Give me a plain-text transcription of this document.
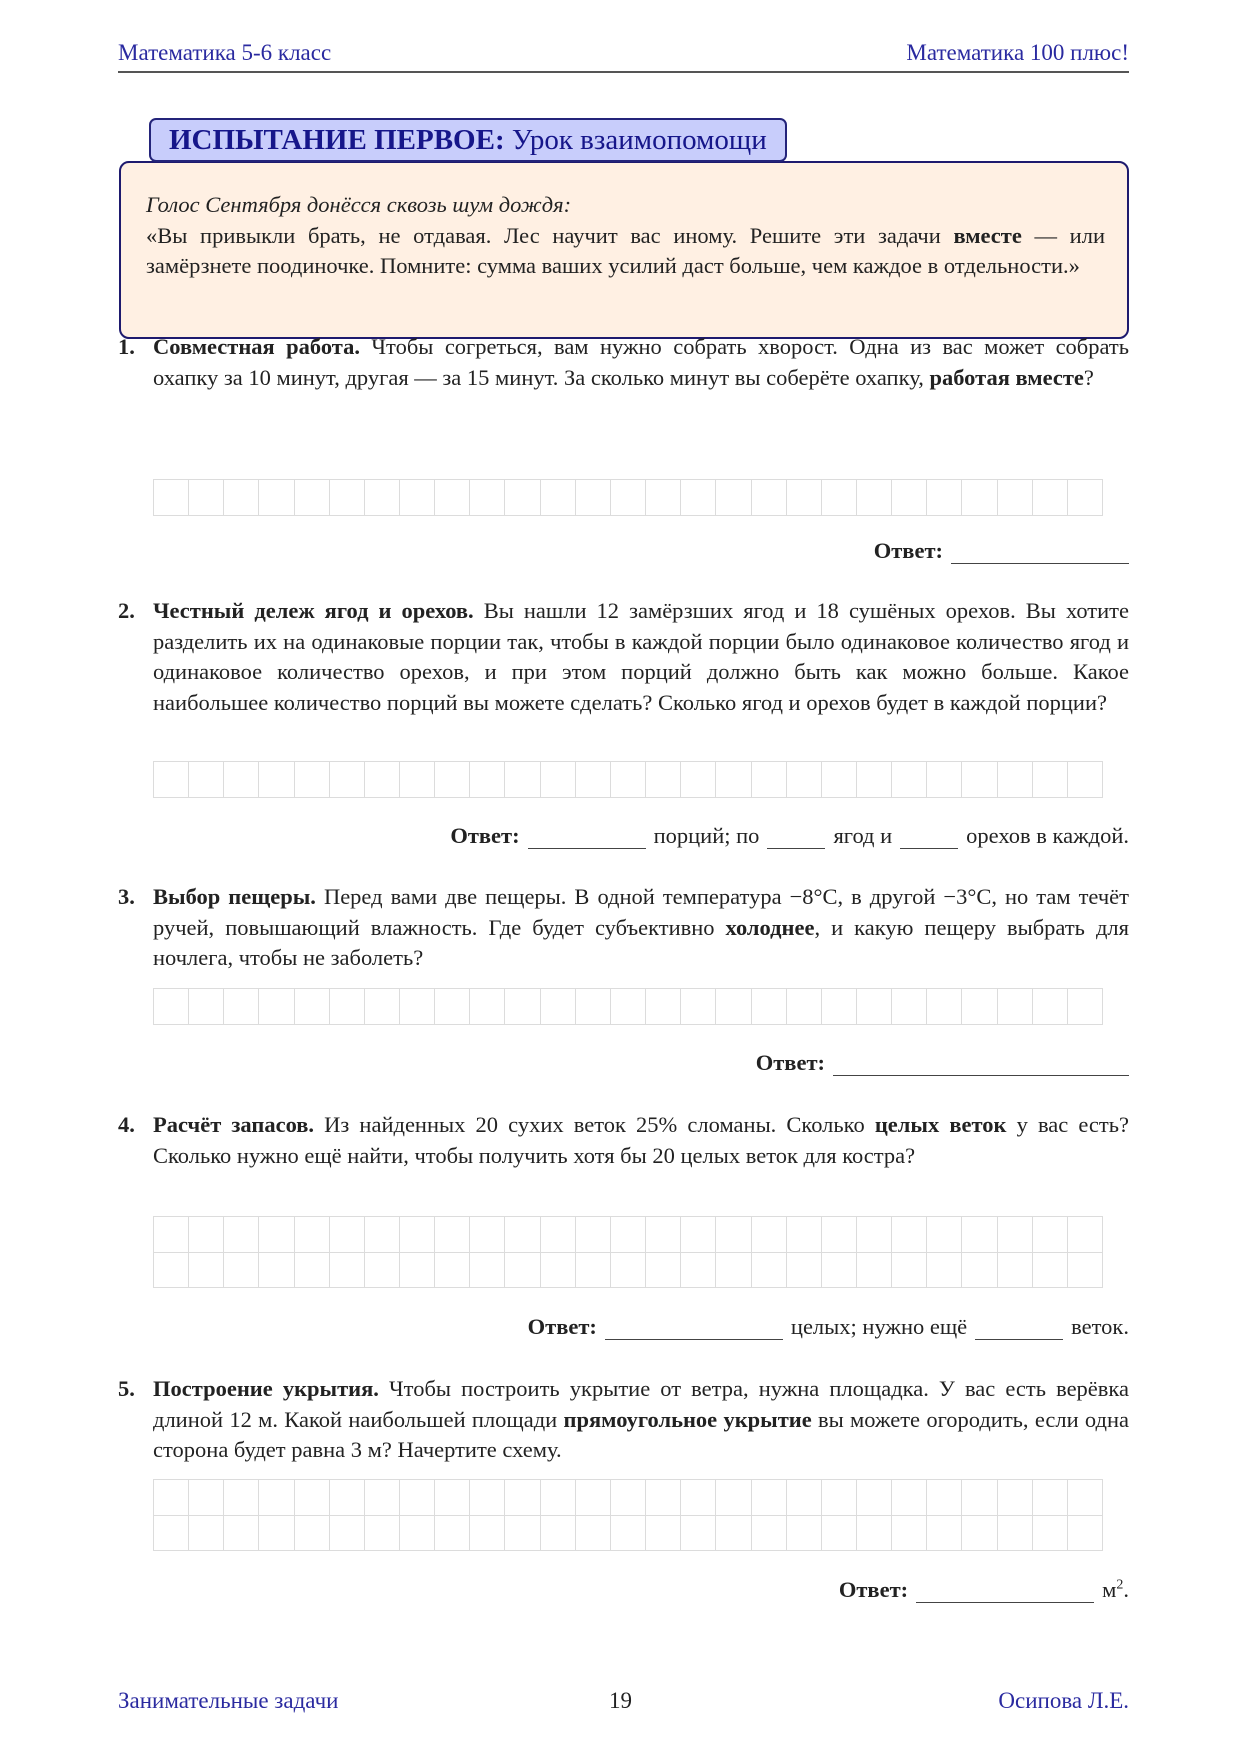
Математика 5-6 класс	Математика 100 плюс!
ИСПЫТАНИЕ ПЕРВОЕ: Урок взаимопомощи
Голос Сентября донёсся сквозь шум дождя:
«Вы привыкли брать, не отдавая. Лес научит вас иному. Решите эти задачи вместе — или замёрзнете поодиночке. Помните: сумма ваших усилий даст больше, чем каждое в отдельности.»
1. Совместная работа. Чтобы согреться, вам нужно собрать хворост. Одна из вас может собрать охапку за 10 минут, другая — за 15 минут. За сколько минут вы соберёте охапку, работая вместе?
Ответ:
2. Честный дележ ягод и орехов. Вы нашли 12 замёрзших ягод и 18 сушёных орехов. Вы хотите разделить их на одинаковые порции так, чтобы в каждой порции было одинаковое количество ягод и одинаковое количество орехов, и при этом порций должно быть как можно больше. Какое наибольшее количество порций вы можете сделать? Сколько ягод и орехов будет в каждой порции?
Ответ:	порций; по	ягод и	орехов в каждой.
3. Выбор пещеры. Перед вами две пещеры. В одной температура −8°C, в другой −3°C, но там течёт ручей, повышающий влажность. Где будет субъективно холоднее, и какую пещеру выбрать для ночлега, чтобы не заболеть?
Ответ:
4. Расчёт запасов. Из найденных 20 сухих веток 25% сломаны. Сколько целых веток у вас есть? Сколько нужно ещё найти, чтобы получить хотя бы 20 целых веток для костра?
Ответ:	целых; нужно ещё	веток.
5. Построение укрытия. Чтобы построить укрытие от ветра, нужна площадка. У вас есть верёвка длиной 12 м. Какой наибольшей площади прямоугольное укрытие вы можете огородить, если одна сторона будет равна 3 м? Начертите схему.
Ответ:	$м^2$.
Занимательные задачи	19	Осипова Л.Е.
